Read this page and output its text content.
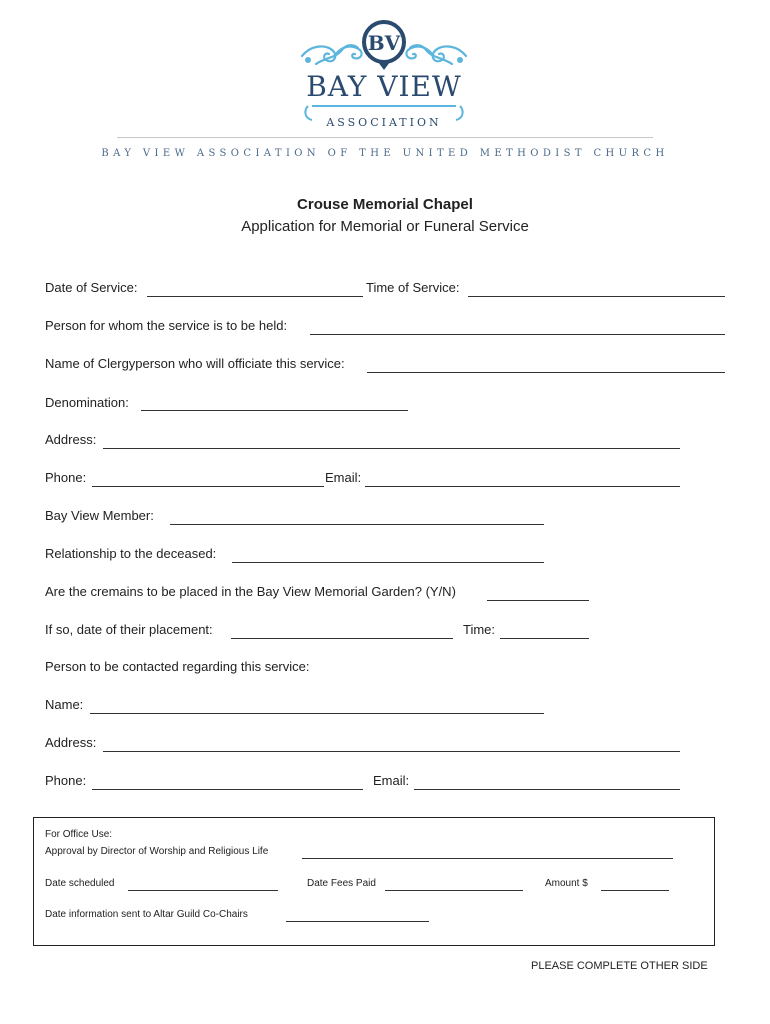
BV
BAY VIEW
ASSOCIATION
BAY VIEW ASSOCIATION OF THE UNITED METHODIST CHURCH
Crouse Memorial Chapel
Application for Memorial or Funeral Service
Date of Service:	Time of Service:
Person for whom the service is to be held:
Name of Clergyperson who will officiate this service:
Denomination:
Address:
Phone:	Email:
Bay View Member:
Relationship to the deceased:
Are the cremains to be placed in the Bay View Memorial Garden? (Y/N)
If so, date of their placement:	Time:
Person to be contacted regarding this service:
Name:
Address:
Phone:	Email:
For Office Use:
Approval by Director of Worship and Religious Life
Date scheduled	Date Fees Paid	Amount $
Date information sent to Altar Guild Co-Chairs
PLEASE COMPLETE OTHER SIDE
